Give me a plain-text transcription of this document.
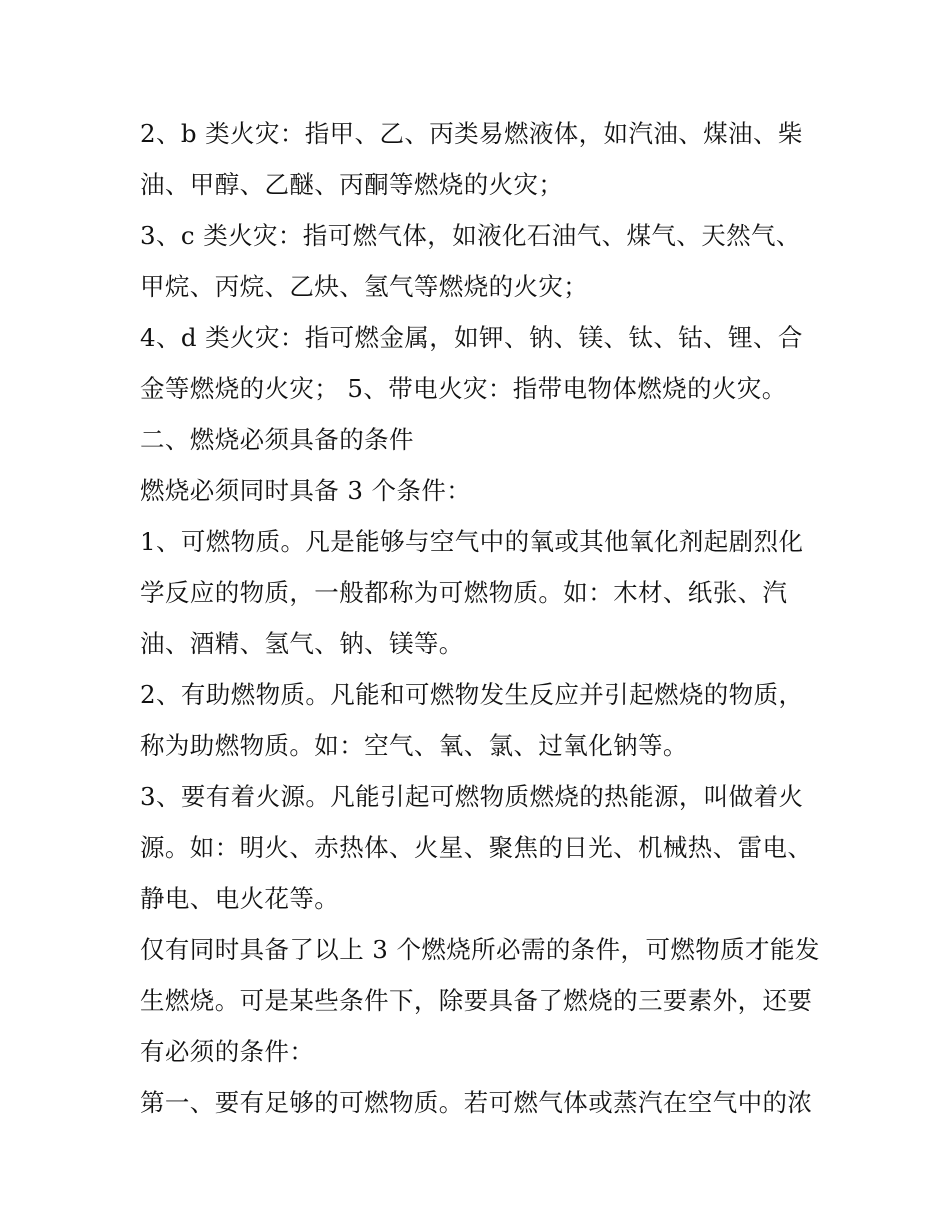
2、b 类火灾：指甲、乙、丙类易燃液体，如汽油、煤油、柴
油、甲醇、乙醚、丙酮等燃烧的火灾；
3、c 类火灾：指可燃气体，如液化石油气、煤气、天然气、
甲烷、丙烷、乙炔、氢气等燃烧的火灾；
4、d 类火灾：指可燃金属，如钾、钠、镁、钛、钴、锂、合
金等燃烧的火灾； 5、带电火灾：指带电物体燃烧的火灾。
二、燃烧必须具备的条件
燃烧必须同时具备 3 个条件：
1、可燃物质。凡是能够与空气中的氧或其他氧化剂起剧烈化
学反应的物质，一般都称为可燃物质。如：木材、纸张、汽
油、酒精、氢气、钠、镁等。
2、有助燃物质。凡能和可燃物发生反应并引起燃烧的物质，
称为助燃物质。如：空气、氧、氯、过氧化钠等。
3、要有着火源。凡能引起可燃物质燃烧的热能源，叫做着火
源。如：明火、赤热体、火星、聚焦的日光、机械热、雷电、
静电、电火花等。
仅有同时具备了以上 3 个燃烧所必需的条件，可燃物质才能发
生燃烧。可是某些条件下，除要具备了燃烧的三要素外，还要
有必须的条件：
第一、要有足够的可燃物质。若可燃气体或蒸汽在空气中的浓
